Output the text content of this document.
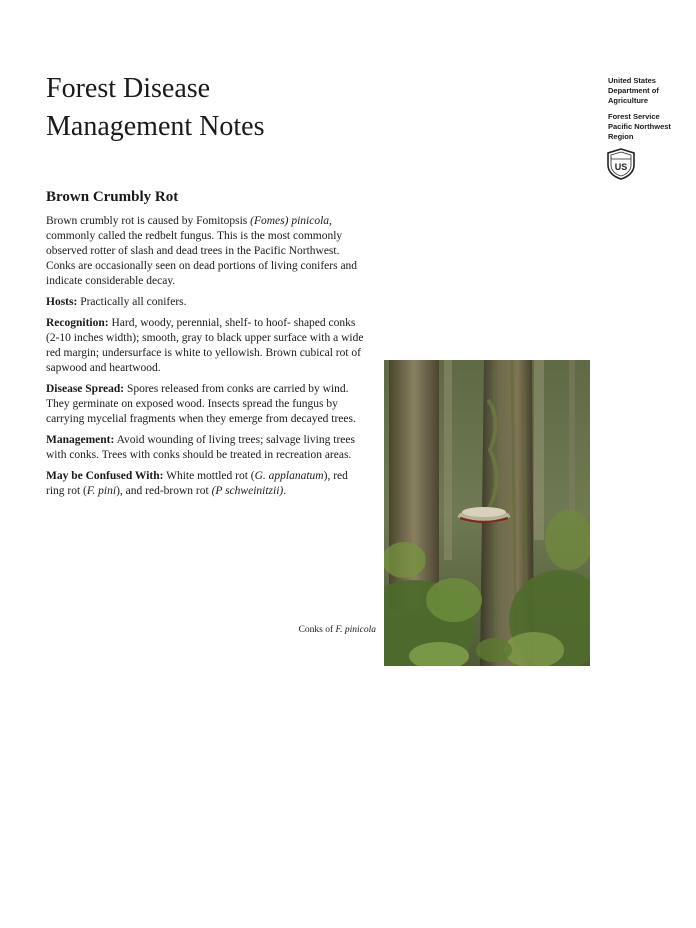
Forest Disease
Management Notes
United States
Department of
Agriculture
Forest Service
Pacific Northwest
Region
US
Brown Crumbly Rot

Brown crumbly rot is caused by Fomitopsis (Fomes) pinicola, commonly called the redbelt fungus. This is the most commonly observed rotter of slash and dead trees in the Pacific Northwest. Conks are occasionally seen on dead portions of living conifers and indicate considerable decay.

Hosts: Practically all conifers.

Recognition: Hard, woody, perennial, shelf- to hoof- shaped conks (2-10 inches width); smooth, gray to black upper surface with a wide red margin; undersurface is white to yellowish. Brown cubical rot of sapwood and heartwood.

Disease Spread: Spores released from conks are carried by wind. They germinate on exposed wood. Insects spread the fungus by carrying mycelial fragments when they emerge from decayed trees.

Management: Avoid wounding of living trees; salvage living trees with conks. Trees with conks should be treated in recreation areas.

May be Confused With: White mottled rot (G. applanatum), red ring rot (F. pini), and red-brown rot (P schweinitzii).

Conks of F. pinicola
